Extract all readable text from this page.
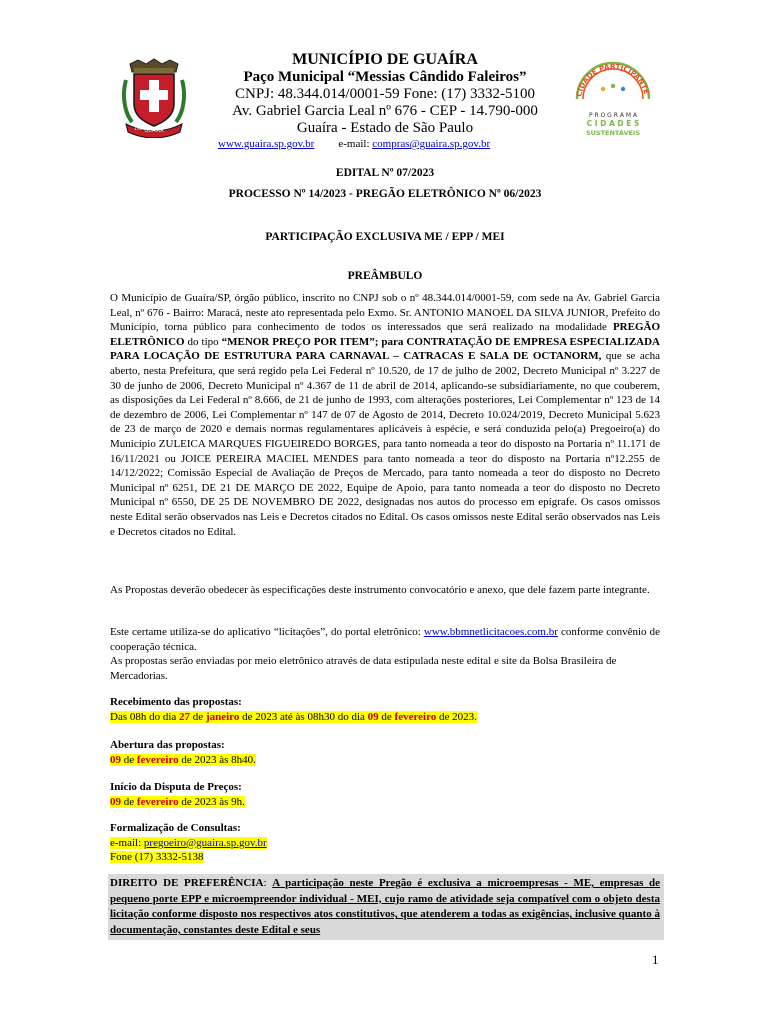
GUAÍRA
1921
MUNICÍPIO DE GUAÍRA
Paço Municipal “Messias Cândido Faleiros”
CNPJ: 48.344.014/0001-59 Fone: (17) 3332-5100
Av. Gabriel Garcia Leal nº 676 - CEP - 14.790-000
Guaíra - Estado de São Paulo
www.guaira.sp.gov.br e-mail: compras@guaira.sp.gov.br
CIDADE PARTICIPANTE
P R O G R A M A
C I D A D E S
SUSTENTÁVEIS
EDITAL Nº 07/2023
PROCESSO Nº 14/2023 - PREGÃO ELETRÔNICO Nº 06/2023
PARTICIPAÇÃO EXCLUSIVA ME / EPP / MEI
PREÂMBULO

O Município de Guaíra/SP, órgão público, inscrito no CNPJ sob o nº 48.344.014/0001-59, com sede na Av. Gabriel Garcia Leal, nº 676 - Bairro: Maracá, neste ato representada pelo Exmo. Sr. ANTONIO MANOEL DA SILVA JUNIOR, Prefeito do Município, torna público para conhecimento de todos os interessados que será realizado na modalidade PREGÃO ELETRÔNICO do tipo “MENOR PREÇO POR ITEM”; para CONTRATAÇÃO DE EMPRESA ESPECIALIZADA PARA LOCAÇÃO DE ESTRUTURA PARA CARNAVAL – CATRACAS E SALA DE OCTANORM, que se acha aberto, nesta Prefeitura, que será regido pela Lei Federal nº 10.520, de 17 de julho de 2002, Decreto Municipal nº 3.227 de 30 de junho de 2006, Decreto Municipal nº 4.367 de 11 de abril de 2014, aplicando-se subsidiariamente, no que couberem, as disposições da Lei Federal nº 8.666, de 21 de junho de 1993, com alterações posteriores, Lei Complementar nº 123 de 14 de dezembro de 2006, Lei Complementar nº 147 de 07 de Agosto de 2014, Decreto 10.024/2019, Decreto Municipal 5.623 de 23 de março de 2020 e demais normas regulamentares aplicáveis à espécie, e será conduzida pelo(a) Pregoeiro(a) do Município ZULEICA MARQUES FIGUEIREDO BORGES, para tanto nomeada a teor do disposto na Portaria nº 11.171 de 16/11/2021 ou JOICE PEREIRA MACIEL MENDES para tanto nomeada a teor do disposto na Portaria nº12.255 de 14/12/2022; Comissão Especial de Avaliação de Preços de Mercado, para tanto nomeada a teor do disposto no Decreto Municipal nº 6251, DE 21 DE MARÇO DE 2022, Equipe de Apoio, para tanto nomeada a teor do disposto no Decreto Municipal nº 6550, DE 25 DE NOVEMBRO DE 2022, designadas nos autos do processo em epígrafe. Os casos omissos neste Edital serão observados nas Leis e Decretos citados no Edital. Os casos omissos neste Edital serão observados nas Leis e Decretos citados no Edital.

As Propostas deverão obedecer às especificações deste instrumento convocatório e anexo, que dele fazem parte integrante.

Este certame utiliza-se do aplicativo “licitações”, do portal eletrônico: www.bbmnetlicitacoes.com.br conforme convênio de cooperação técnica.

As propostas serão enviadas por meio eletrônico através de data estipulada neste edital e site da Bolsa Brasileira de Mercadorias.

Recebimento das propostas:
Das 08h do dia 27 de janeiro de 2023 até às 08h30 do dia 09 de fevereiro de 2023.
Abertura das propostas:
09 de fevereiro de 2023 às 8h40.
Início da Disputa de Preços:
09 de fevereiro de 2023 às 9h.
Formalização de Consultas:
e-mail: pregoeiro@guaira.sp.gov.br
Fone (17) 3332-5138
DIREITO DE PREFERÊNCIA: A participação neste Pregão é exclusiva a microempresas - ME, empresas de pequeno porte EPP e microempreendor individual - MEI, cujo ramo de atividade seja compatível com o objeto desta licitação conforme disposto nos respectivos atos constitutivos, que atenderem a todas as exigências, inclusive quanto à documentação, constantes deste Edital e seus
1
